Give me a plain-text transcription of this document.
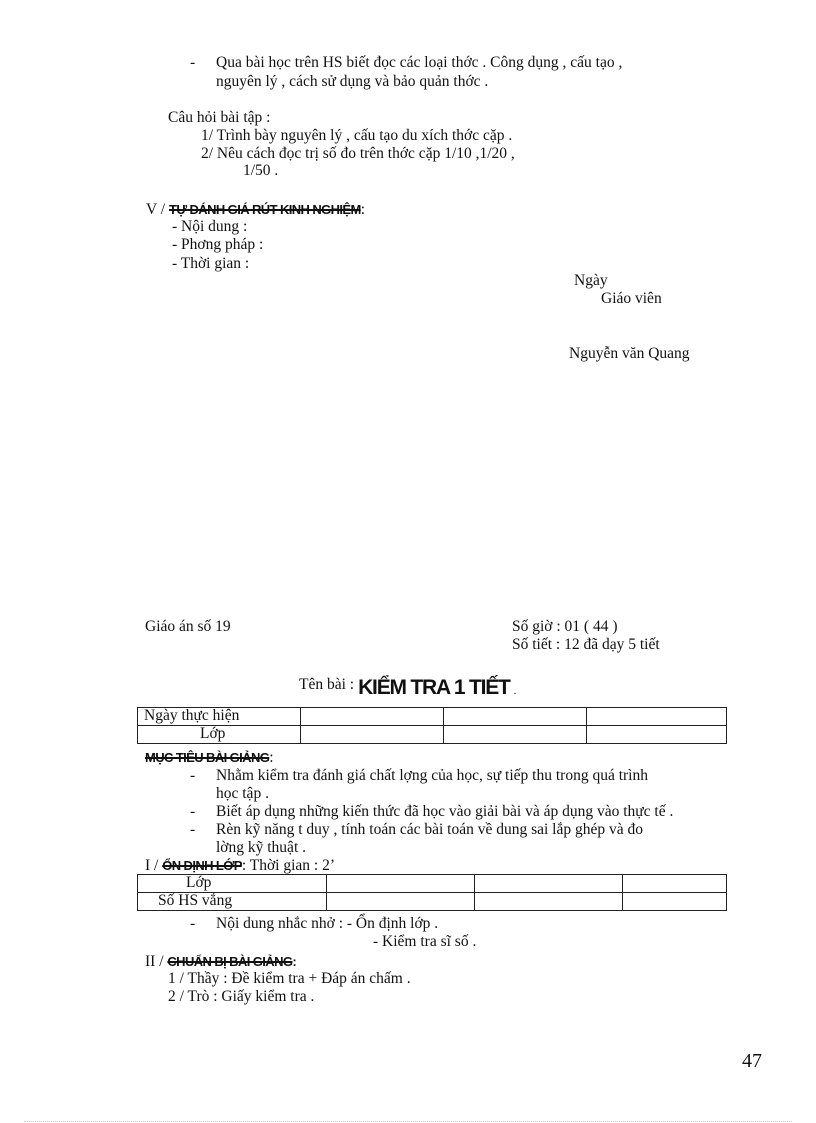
- Qua bài học trên HS biết đọc các loại thớc . Công dụng , cấu tạo ,
nguyên lý , cách sử dụng và bảo quản thớc .
Câu hỏi bài tập :
1/ Trình bày nguyên lý , cấu tạo du xích thớc cặp .
2/ Nêu cách đọc trị số đo trên thớc cặp 1/10 ,1/20 ,
1/50 .
V / TỰ ĐÁNH GIÁ RÚT KINH NGHIỆM:
- Nội dung :
- Phơng pháp :
- Thời gian :
Ngày
Giáo viên
Nguyễn văn Quang
Giáo án số 19	Số giờ : 01 ( 44 )
Số tiết : 12 đã dạy 5 tiết
Tên bài : KIỂM TRA 1 TIẾT .
Ngày thực hiện			
Lớp			
MỤC TIÊU BÀI GIẢNG:
- Nhằm kiểm tra đánh giá chất lợng của học, sự tiếp thu trong quá trình
học tập .
- Biết áp dụng những kiến thức đã học vào giải bài và áp dụng vào thực tế .
- Rèn kỹ năng t duy , tính toán các bài toán về dung sai lắp ghép và đo
lờng kỹ thuật .
I / ỔN ĐỊNH LỚP: Thời gian : 2’
Lớp			
Số HS vắng			
- Nội dung nhắc nhở : - Ổn định lớp .
- Kiểm tra sĩ số .
II / CHUẨN BỊ BÀI GIẢNG:
1 / Thầy : Đề kiểm tra + Đáp án chấm .
2 / Trò : Giấy kiểm tra .
47
